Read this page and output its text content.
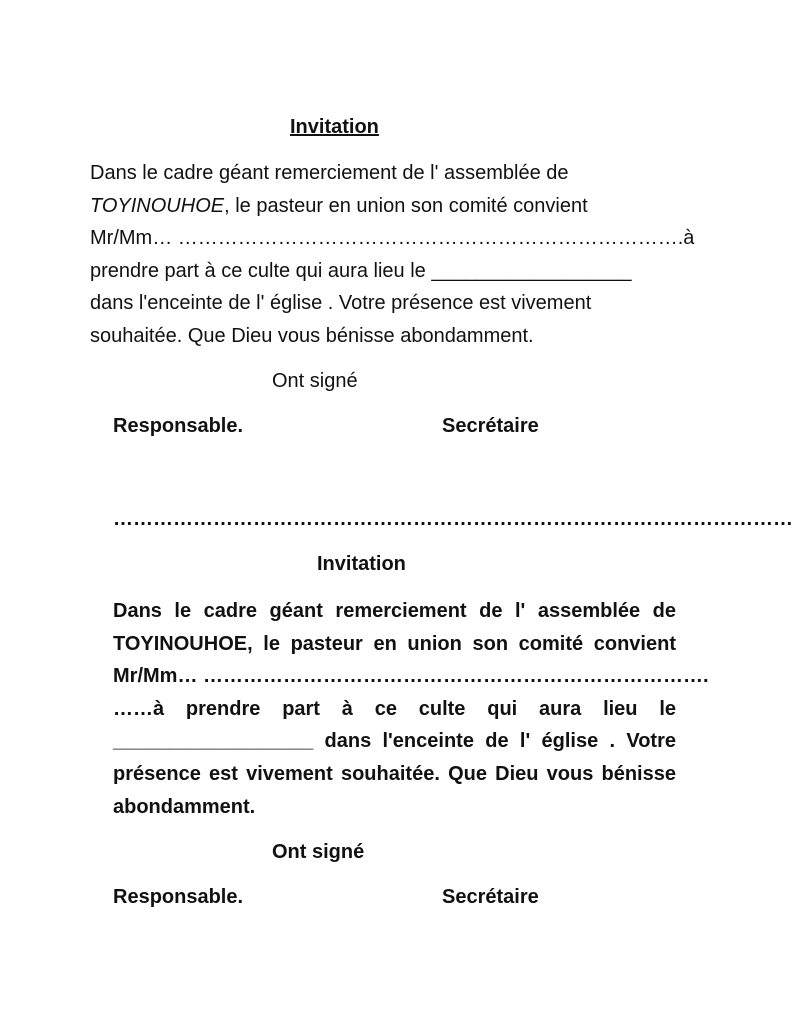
Invitation
Dans le cadre géant remerciement de l' assemblée de
TOYINOUHOE, le pasteur en union son comité convient
Mr/Mm… ………………………………………………………………….à
prendre part à ce culte qui aura lieu le __________________
dans l'enceinte de l' église . Votre présence est vivement
souhaitée. Que Dieu vous bénisse abondamment.
Ont signé
Responsable.	Secrétaire
…………………………………………………………………………………………
Invitation
Dans le cadre géant remerciement de l' assemblée de
TOYINOUHOE, le pasteur en union son comité convient
Mr/Mm… ………………………………………………………………….
……à prendre part à ce culte qui aura lieu le
__________________ dans l'enceinte de l' église . Votre
présence est vivement souhaitée. Que Dieu vous bénisse
abondamment.
Ont signé
Responsable.	Secrétaire
